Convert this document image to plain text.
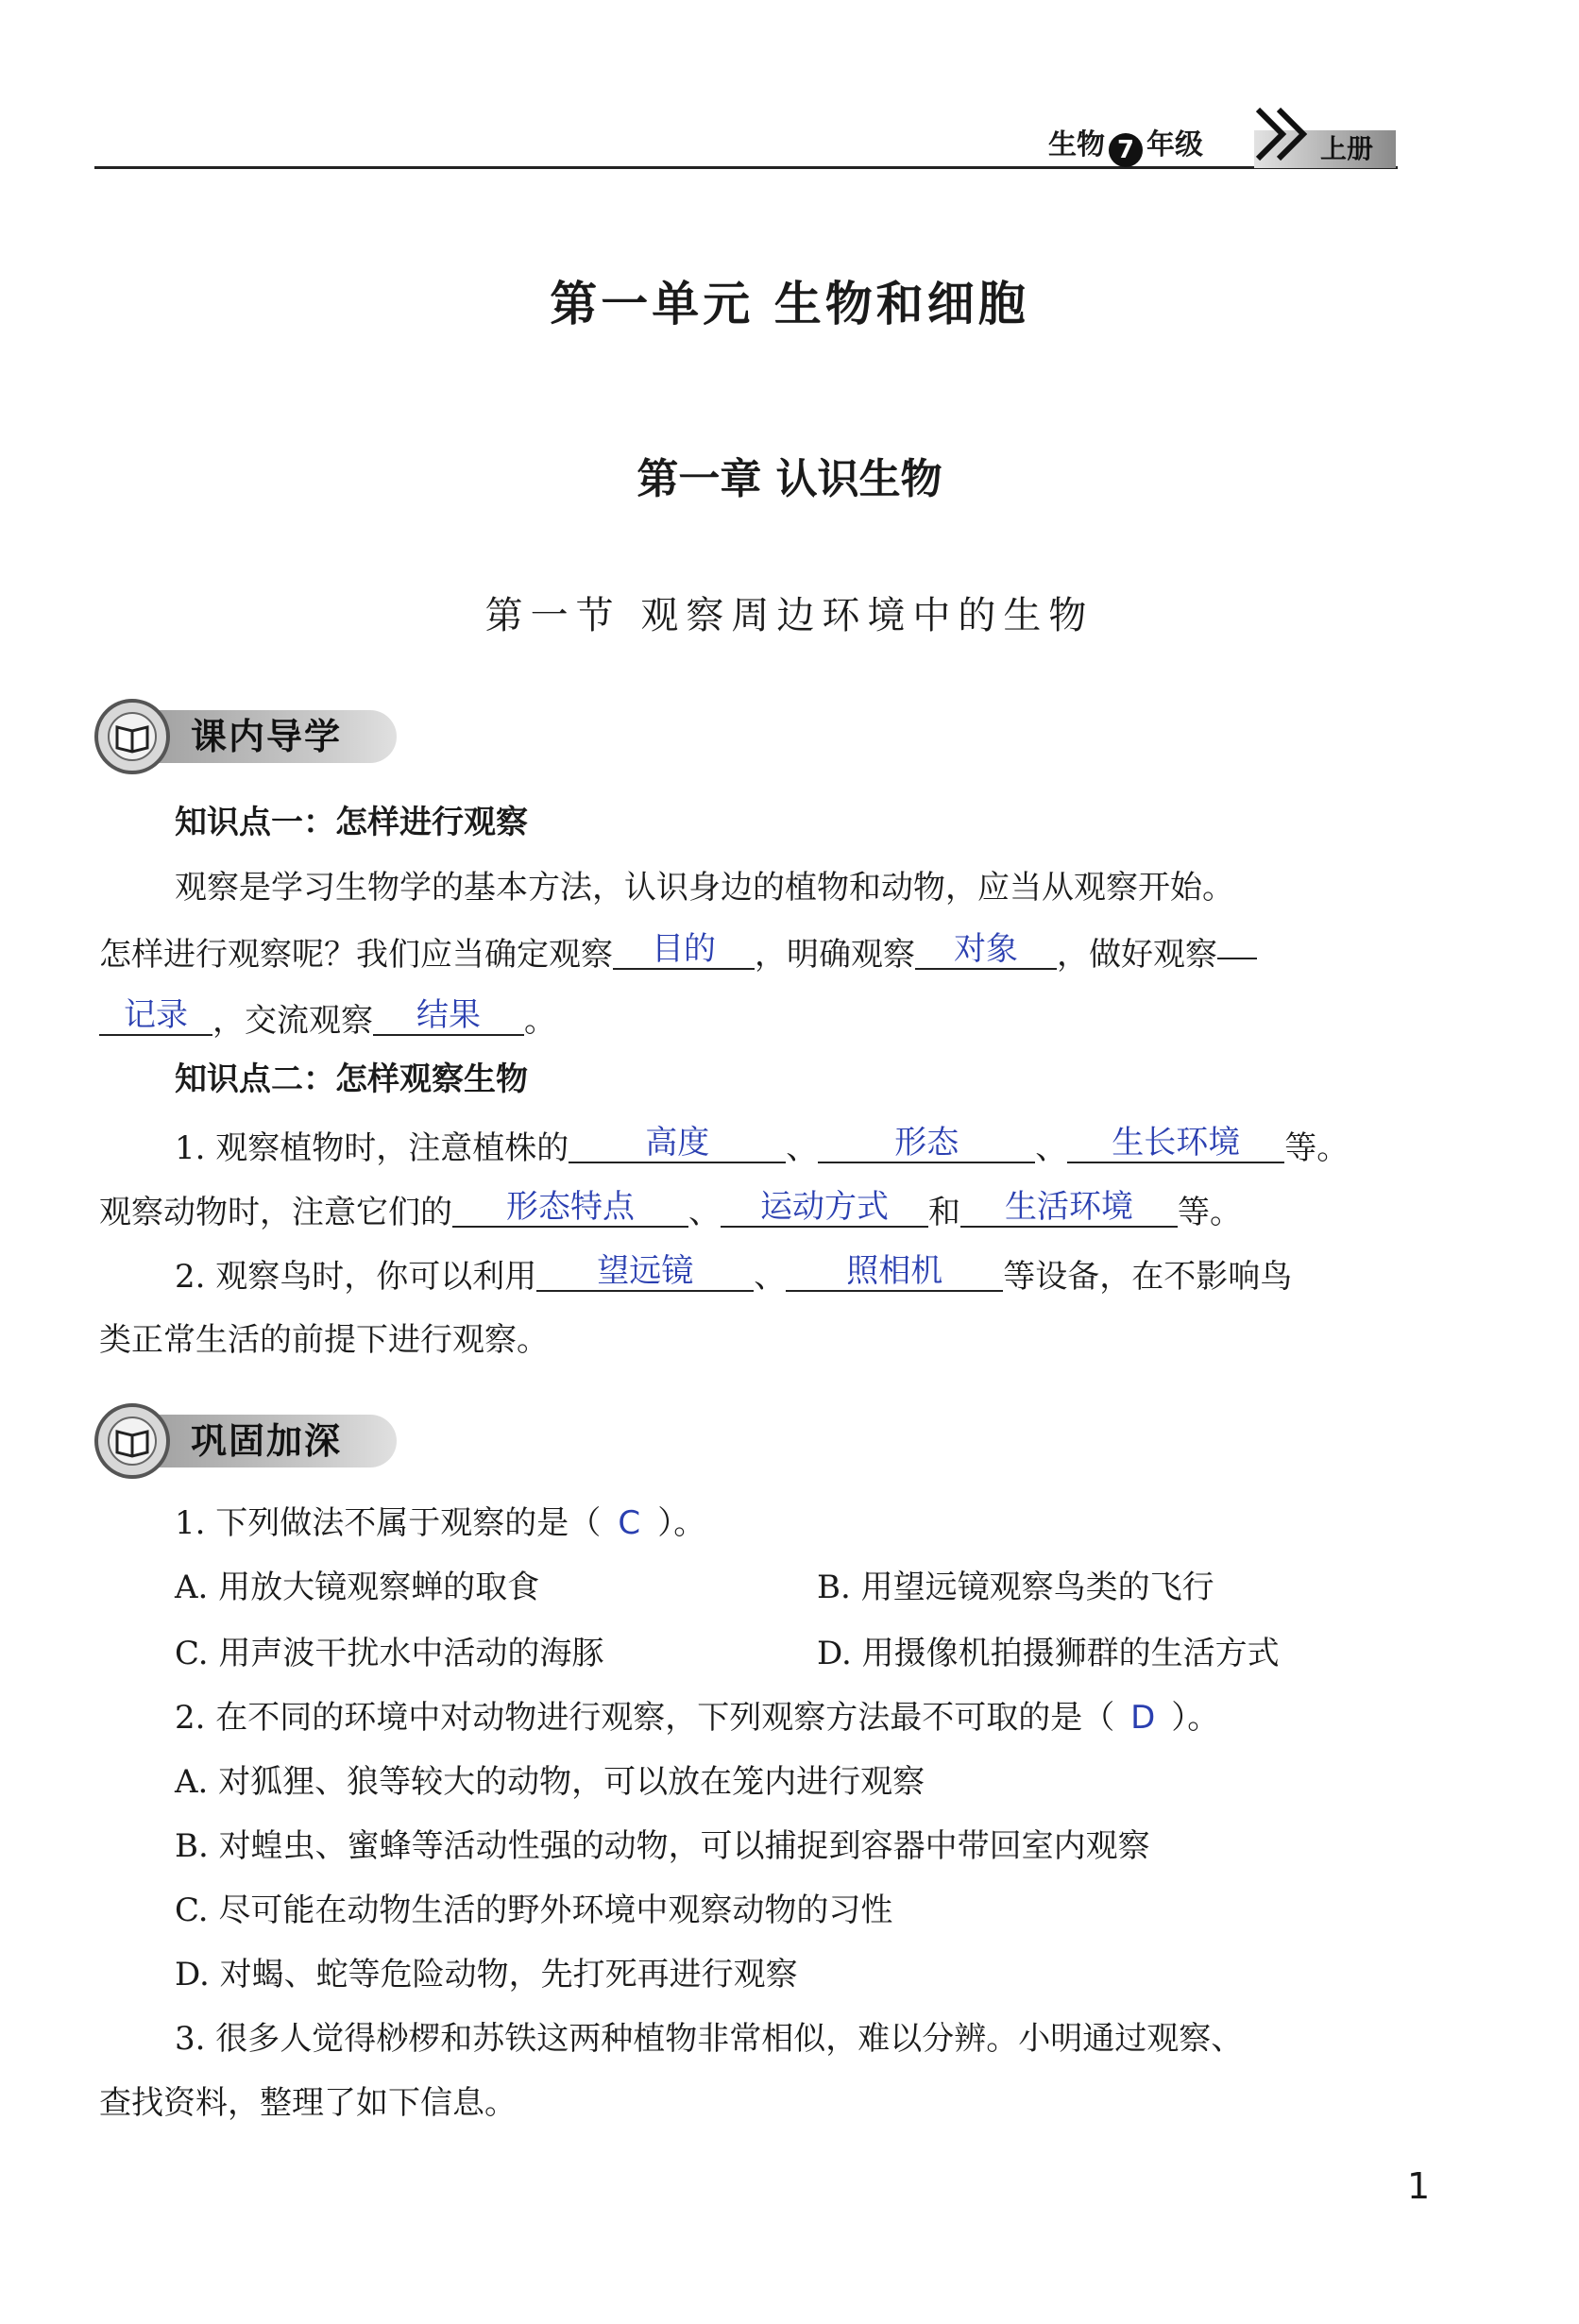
生物 7 年级	上册
第一单元 生物和细胞
第一章 认识生物
第一节 观察周边环境中的生物
课内导学
知识点一：怎样进行观察
观察是学习生物学的基本方法，认识身边的植物和动物，应当从观察开始。
怎样进行观察呢？我们应当确定观察 目的 ，明确观察 对象 ，做好观察
记录 ，交流观察 结果 。
知识点二：怎样观察生物
1. 观察植物时，注意植株的 高度 、 形态 、 生长环境 等。
观察动物时，注意它们的 形态特点 、 运动方式 和 生活环境 等。
2. 观察鸟时，你可以利用 望远镜 、 照相机 等设备，在不影响鸟
类正常生活的前提下进行观察。
巩固加深
1. 下列做法不属于观察的是（ C ）。
A. 用放大镜观察蝉的取食	B. 用望远镜观察鸟类的飞行
C. 用声波干扰水中活动的海豚	D. 用摄像机拍摄狮群的生活方式
2. 在不同的环境中对动物进行观察，下列观察方法最不可取的是（ D ）。
A. 对狐狸、狼等较大的动物，可以放在笼内进行观察
B. 对蝗虫、蜜蜂等活动性强的动物，可以捕捉到容器中带回室内观察
C. 尽可能在动物生活的野外环境中观察动物的习性
D. 对蝎、蛇等危险动物，先打死再进行观察
3. 很多人觉得桫椤和苏铁这两种植物非常相似，难以分辨。小明通过观察、
查找资料，整理了如下信息。
1
